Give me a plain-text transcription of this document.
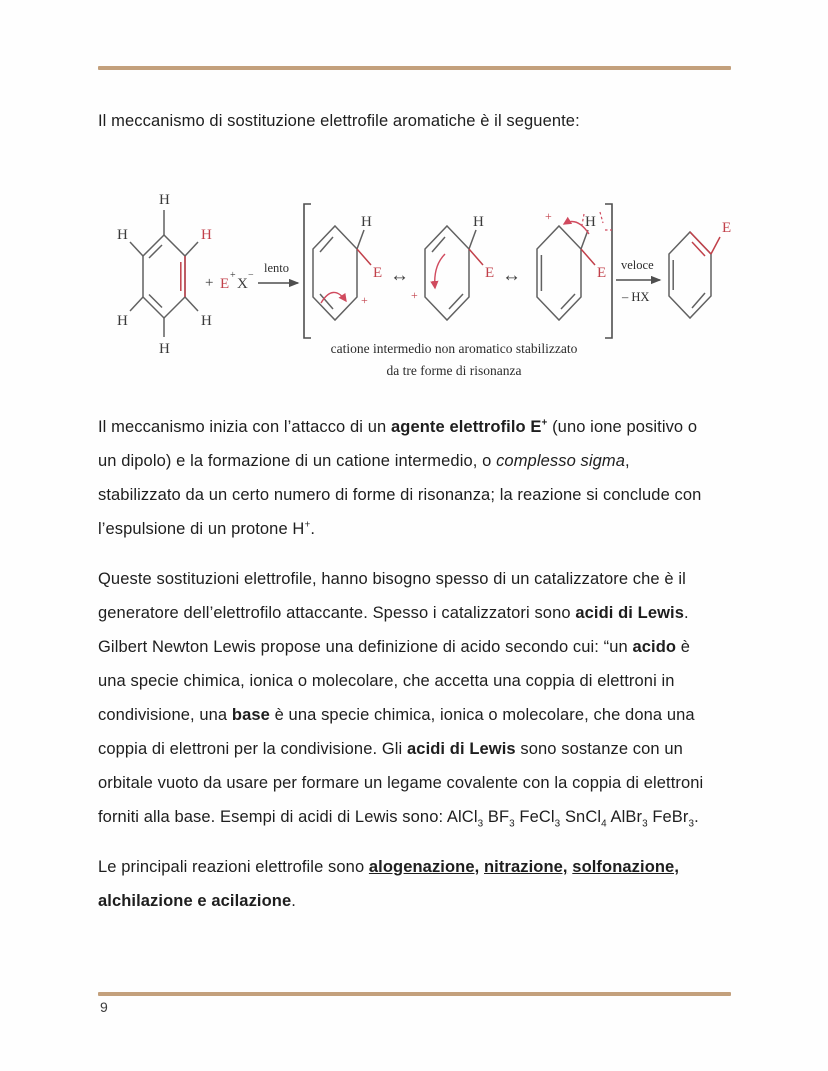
Il meccanismo di sostituzione elettrofile aromatiche è il seguente:

H
H	H
H	H
H
+ E
+
X
−
lento
H
E
+
↔
H
E
+
↔
H
E
+
veloce
– HX
E
catione intermedio non aromatico stabilizzato
da tre forme di risonanza

Il meccanismo inizia con l’attacco di un agente elettrofilo E+ (uno ione positivo o
un dipolo) e la formazione di un catione intermedio, o complesso sigma,
stabilizzato da un certo numero di forme di risonanza; la reazione si conclude con
l’espulsione di un protone H+.

Queste sostituzioni elettrofile, hanno bisogno spesso di un catalizzatore che è il
generatore dell’elettrofilo attaccante. Spesso i catalizzatori sono acidi di Lewis.
Gilbert Newton Lewis propose una definizione di acido secondo cui: “un acido è
una specie chimica, ionica o molecolare, che accetta una coppia di elettroni in
condivisione, una base è una specie chimica, ionica o molecolare, che dona una
coppia di elettroni per la condivisione. Gli acidi di Lewis sono sostanze con un
orbitale vuoto da usare per formare un legame covalente con la coppia di elettroni
forniti alla base. Esempi di acidi di Lewis sono: AlCl$_3$ $BF_3$ FeCl$_3$ SnCl$_4$ AlBr$_3$ FeBr$_3$.

Le principali reazioni elettrofile sono alogenazione, nitrazione, solfonazione,
alchilazione e acilazione.

9
